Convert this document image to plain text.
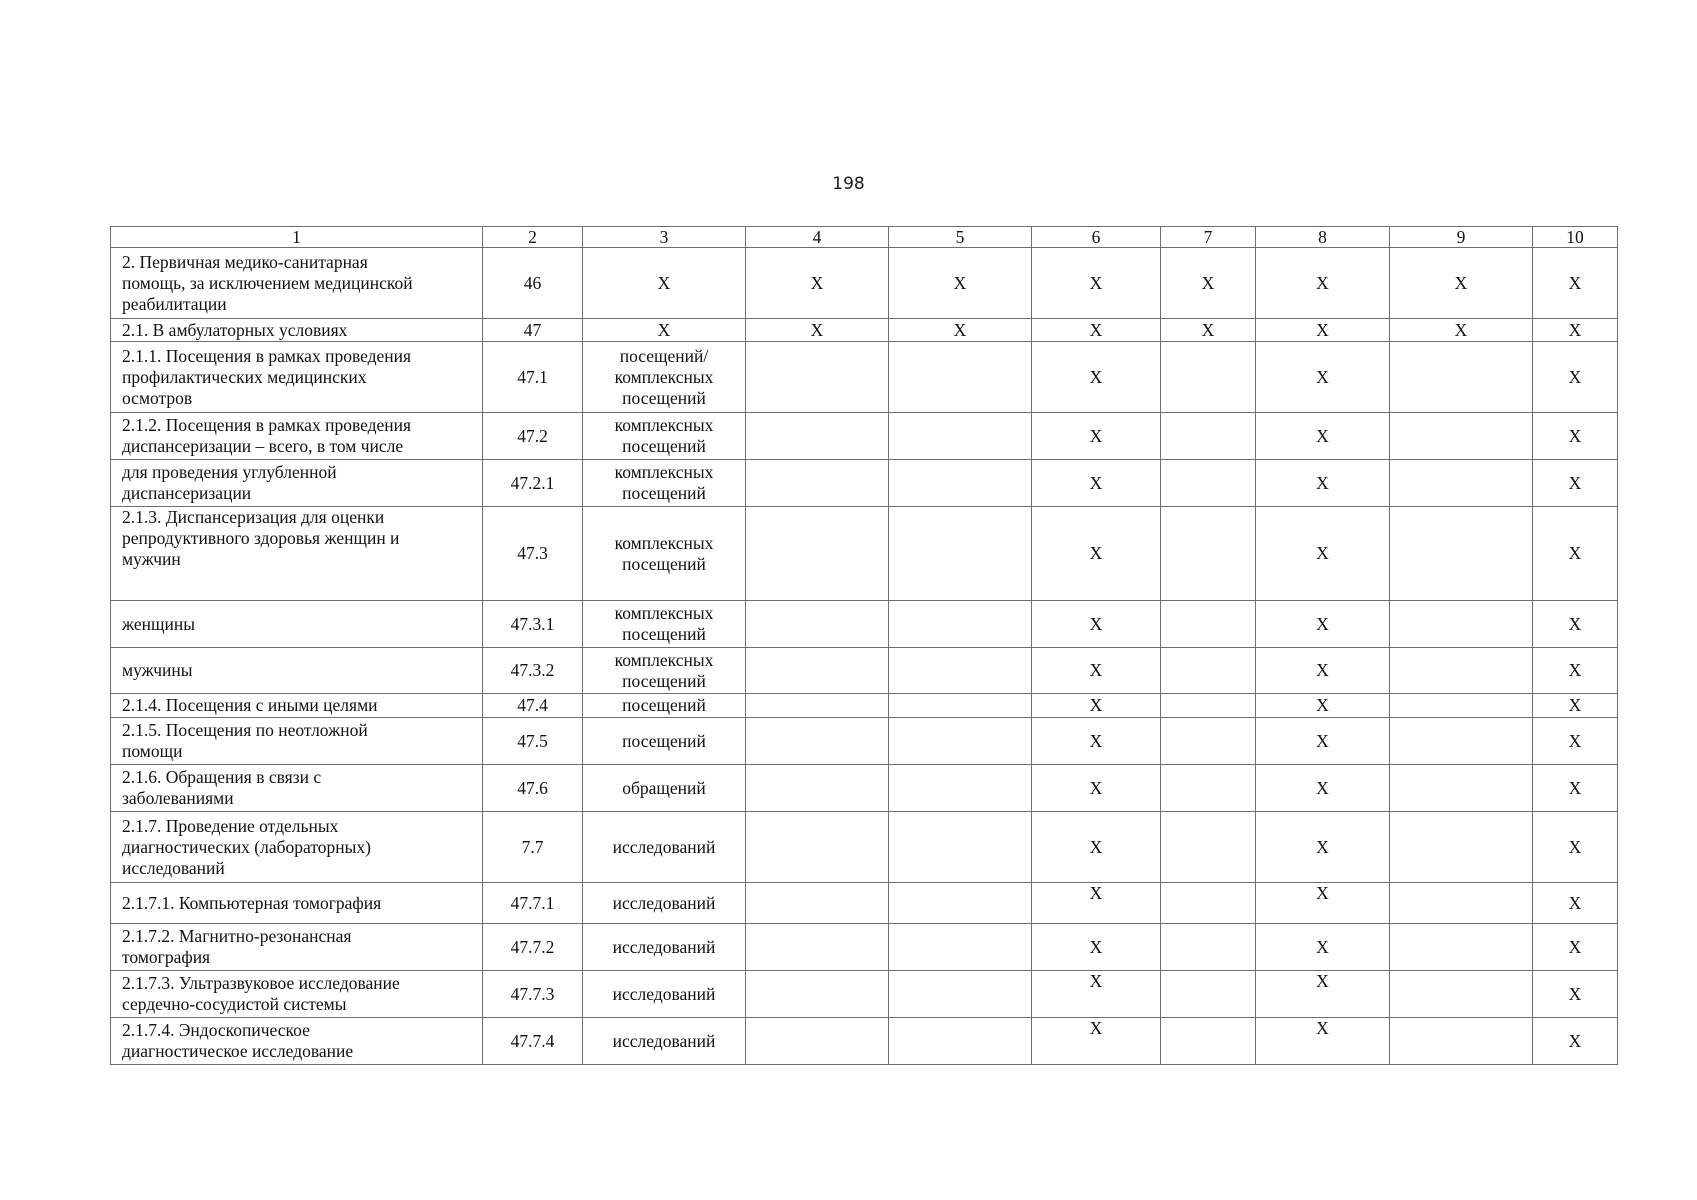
198
1	2	3	4	5	6	7	8	9	10

2. Первичная медико-санитарная
помощь, за исключением медицинской
реабилитации	46	X	X	X	X	X	X	X	X

2.1. В амбулаторных условиях	47	X	X	X	X	X	X	X	X

2.1.1. Посещения в рамках проведения
профилактических медицинских
осмотров	47.1	посещений/
комплексных
посещений			X		X		X

2.1.2. Посещения в рамках проведения
диспансеризации – всего, в том числе	47.2	комплексных
посещений			X		X		X

для проведения углубленной
диспансеризации	47.2.1	комплексных
посещений			X		X		X

2.1.3. Диспансеризация для оценки
репродуктивного здоровья женщин и
мужчин	47.3	комплексных
посещений			X		X		X

женщины	47.3.1	комплексных
посещений			X		X		X

мужчины	47.3.2	комплексных
посещений			X		X		X

2.1.4. Посещения с иными целями	47.4	посещений			X		X		X

2.1.5. Посещения по неотложной
помощи	47.5	посещений			X		X		X

2.1.6. Обращения в связи с
заболеваниями	47.6	обращений			X		X		X

2.1.7. Проведение отдельных
диагностических (лабораторных)
исследований	7.7	исследований			X		X		X

2.1.7.1. Компьютерная томография	47.7.1	исследований			X		X		X

2.1.7.2. Магнитно-резонансная
томография	47.7.2	исследований			X		X		X

2.1.7.3. Ультразвуковое исследование
сердечно-сосудистой системы	47.7.3	исследований			X		X		X

2.1.7.4. Эндоскопическое
диагностическое исследование	47.7.4	исследований			X		X		X
